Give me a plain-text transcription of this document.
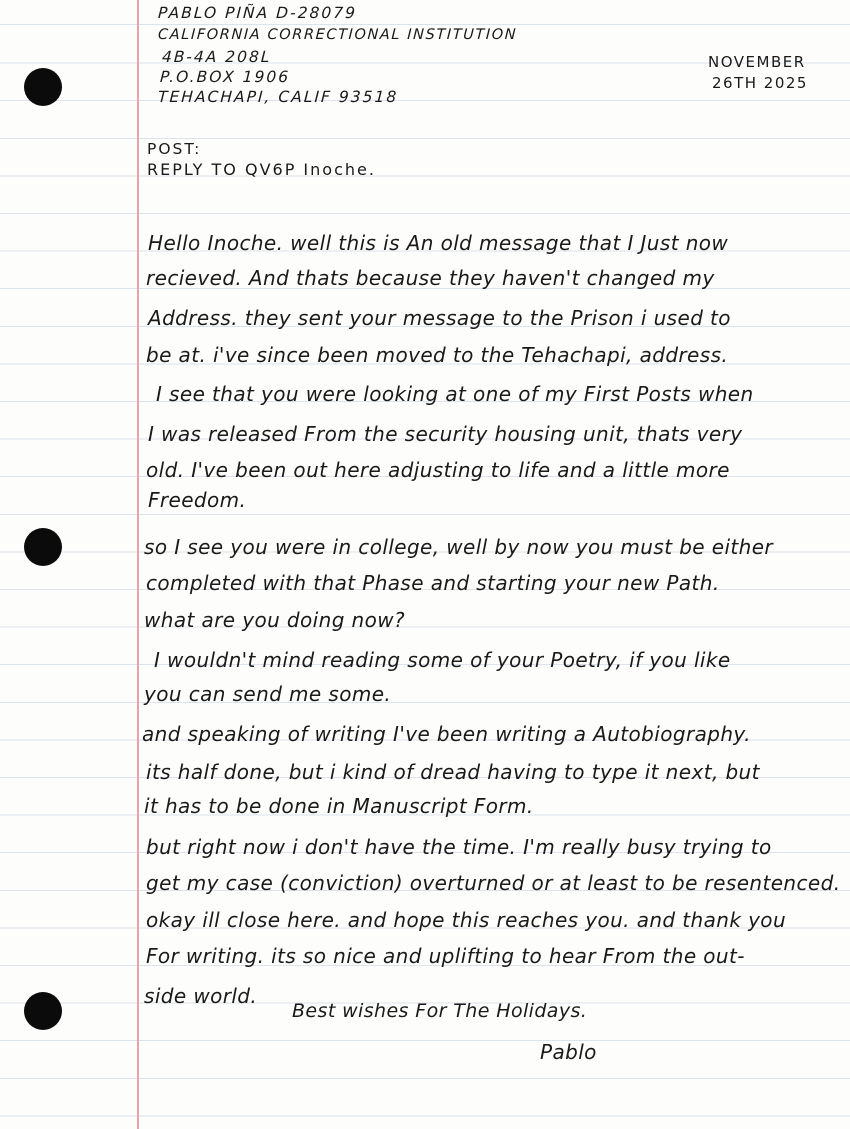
PABLO PIÑA D-28079

CALIFORNIA CORRECTIONAL INSTITUTION

4B-4A 208L

P.O.BOX 1906

TEHACHAPI, CALIF 93518

NOVEMBER

26TH 2025

POST:

REPLY TO QV6P Inoche.

Hello Inoche. well this is An old message that I Just now

recieved. And thats because they haven't changed my

Address. they sent your message to the Prison i used to

be at. i've since been moved to the Tehachapi, address.

I see that you were looking at one of my First Posts when

I was released From the security housing unit, thats very

old. I've been out here adjusting to life and a little more

Freedom.

so I see you were in college, well by now you must be either

completed with that Phase and starting your new Path.

what are you doing now?

I wouldn't mind reading some of your Poetry, if you like

you can send me some.

and speaking of writing I've been writing a Autobiography.

its half done, but i kind of dread having to type it next, but

it has to be done in Manuscript Form.

but right now i don't have the time. I'm really busy trying to

get my case (conviction) overturned or at least to be resentenced.

okay ill close here. and hope this reaches you. and thank you

For writing. its so nice and uplifting to hear From the out-

side world.

Best wishes For The Holidays.

Pablo
